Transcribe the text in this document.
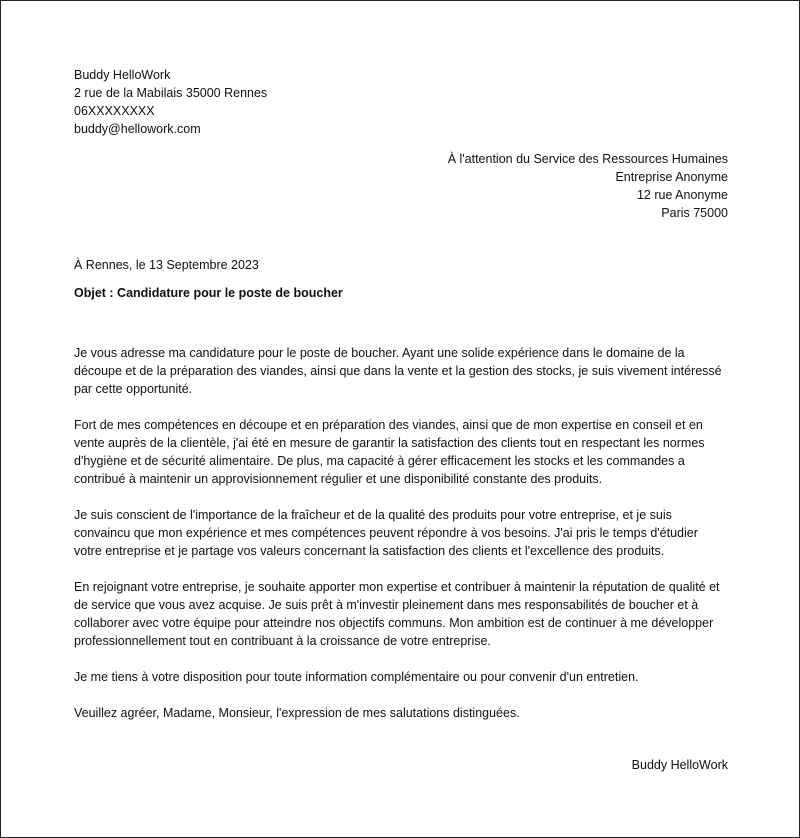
Buddy HelloWork
2 rue de la Mabilais 35000 Rennes
06XXXXXXXX
buddy@hellowork.com
À l'attention du Service des Ressources Humaines
Entreprise Anonyme
12 rue Anonyme
Paris 75000
À Rennes, le 13 Septembre 2023
Objet : Candidature pour le poste de boucher

Je vous adresse ma candidature pour le poste de boucher. Ayant une solide expérience dans le domaine de la découpe et de la préparation des viandes, ainsi que dans la vente et la gestion des stocks, je suis vivement intéressé par cette opportunité.

Fort de mes compétences en découpe et en préparation des viandes, ainsi que de mon expertise en conseil et en vente auprès de la clientèle, j'ai été en mesure de garantir la satisfaction des clients tout en respectant les normes d'hygiène et de sécurité alimentaire. De plus, ma capacité à gérer efficacement les stocks et les commandes a contribué à maintenir un approvisionnement régulier et une disponibilité constante des produits.

Je suis conscient de l'importance de la fraîcheur et de la qualité des produits pour votre entreprise, et je suis convaincu que mon expérience et mes compétences peuvent répondre à vos besoins. J'ai pris le temps d'étudier votre entreprise et je partage vos valeurs concernant la satisfaction des clients et l'excellence des produits.

En rejoignant votre entreprise, je souhaite apporter mon expertise et contribuer à maintenir la réputation de qualité et de service que vous avez acquise. Je suis prêt à m'investir pleinement dans mes responsabilités de boucher et à collaborer avec votre équipe pour atteindre nos objectifs communs. Mon ambition est de continuer à me développer professionnellement tout en contribuant à la croissance de votre entreprise.

Je me tiens à votre disposition pour toute information complémentaire ou pour convenir d'un entretien.

Veuillez agréer, Madame, Monsieur, l'expression de mes salutations distinguées.

Buddy HelloWork
